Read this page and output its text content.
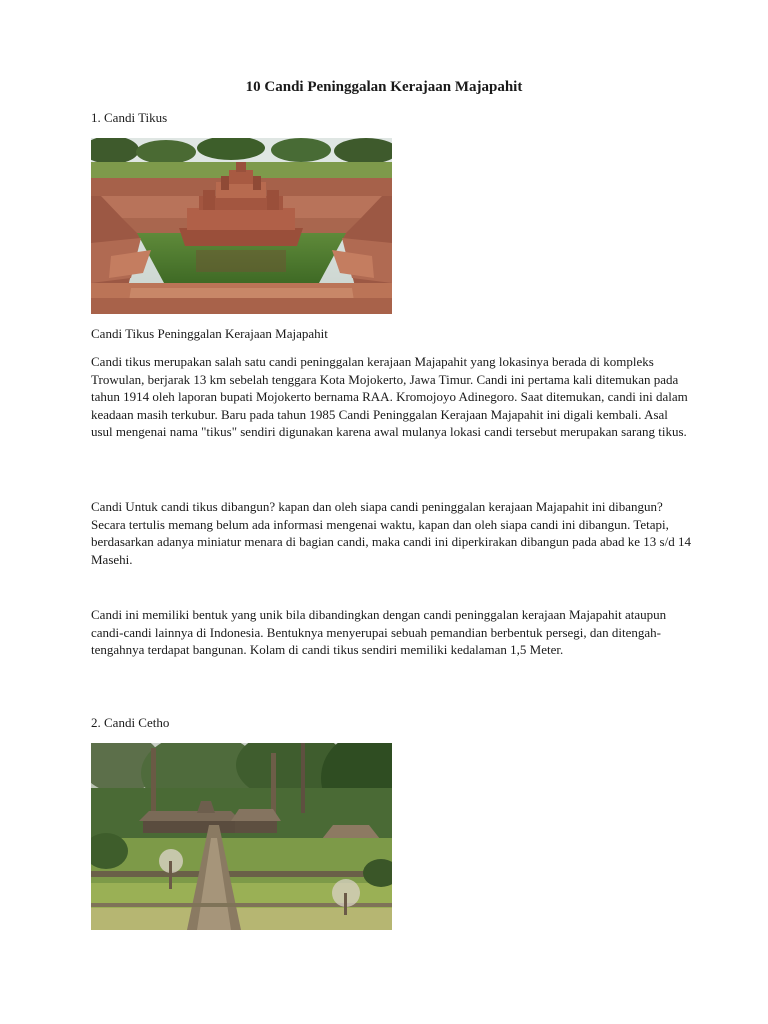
10 Candi Peninggalan Kerajaan Majapahit
1. Candi Tikus
Candi Tikus Peninggalan Kerajaan Majapahit

Candi tikus merupakan salah satu candi peninggalan kerajaan Majapahit yang lokasinya berada di kompleks Trowulan, berjarak 13 km sebelah tenggara Kota Mojokerto, Jawa Timur. Candi ini pertama kali ditemukan pada tahun 1914 oleh laporan bupati Mojokerto bernama RAA. Kromojoyo Adinegoro. Saat ditemukan, candi ini dalam keadaan masih terkubur. Baru pada tahun 1985 Candi Peninggalan Kerajaan Majapahit ini digali kembali. Asal usul mengenai nama "tikus" sendiri digunakan karena awal mulanya lokasi candi tersebut merupakan sarang tikus.

Candi Untuk candi tikus dibangun? kapan dan oleh siapa candi peninggalan kerajaan Majapahit ini dibangun? Secara tertulis memang belum ada informasi mengenai waktu, kapan dan oleh siapa candi ini dibangun. Tetapi, berdasarkan adanya miniatur menara di bagian candi, maka candi ini diperkirakan dibangun pada abad ke 13 s/d 14 Masehi.

Candi ini memiliki bentuk yang unik bila dibandingkan dengan candi peninggalan kerajaan Majapahit ataupun candi-candi lainnya di Indonesia. Bentuknya menyerupai sebuah pemandian berbentuk persegi, dan ditengah-tengahnya terdapat bangunan. Kolam di candi tikus sendiri memiliki kedalaman 1,5 Meter.

2. Candi Cetho
